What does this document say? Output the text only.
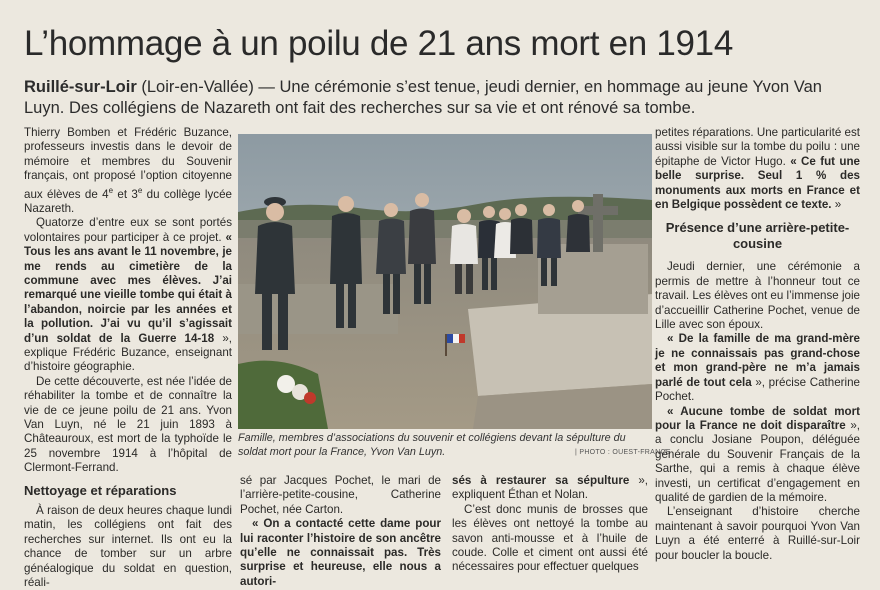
L’hommage à un poilu de 21 ans mort en 1914
Ruillé-sur-Loir (Loir-en-Vallée) — Une cérémonie s’est tenue, jeudi dernier, en hommage au jeune Yvon Van Luyn. Des collégiens de Nazareth ont fait des recherches sur sa vie et ont rénové sa tombe.

Thierry Bomben et Frédéric Buzance, professeurs investis dans le devoir de mémoire et membres du Souvenir français, ont proposé l’option citoyenne aux élèves de 4e et 3e du collège lycée Nazareth.

Quatorze d’entre eux se sont portés volontaires pour participer à ce projet. « Tous les ans avant le 11 novembre, je me rends au cimetière de la commune avec mes élèves. J’ai remarqué une vieille tombe qui était à l’abandon, noircie par les années et la pollution. J’ai vu qu’il s’agissait d’un soldat de la Guerre 14-18 », explique Frédéric Buzance, enseignant d’histoire géographie.

De cette découverte, est née l’idée de réhabiliter la tombe et de connaître la vie de ce jeune poilu de 21 ans. Yvon Van Luyn, né le 21 juin 1893 à Châteauroux, est mort de la typhoïde le 25 novembre 1914 à l’hôpital de Clermont-Ferrand.

Nettoyage et réparations

À raison de deux heures chaque lundi matin, les collégiens ont fait des recherches sur internet. Ils ont eu la chance de tomber sur un arbre généalogique du soldat en question, réali-

Famille, membres d’associations du souvenir et collégiens devant la sépulture du soldat mort pour la France, Yvon Van Luyn.	| PHOTO : OUEST-FRANCE

sé par Jacques Pochet, le mari de l’arrière-petite-cousine, Catherine Pochet, née Carton.

« On a contacté cette dame pour lui raconter l’histoire de son ancêtre qu’elle ne connaissait pas. Très surprise et heureuse, elle nous a autori-

sés à restaurer sa sépulture », expliquent Éthan et Nolan.

C’est donc munis de brosses que les élèves ont nettoyé la tombe au savon anti-mousse et à l’huile de coude. Colle et ciment ont aussi été nécessaires pour effectuer quelques

petites réparations. Une particularité est aussi visible sur la tombe du poilu : une épitaphe de Victor Hugo. « Ce fut une belle surprise. Seul 1 % des monuments aux morts en France et en Belgique possèdent ce texte. »

Présence d’une arrière-petite-cousine

Jeudi dernier, une cérémonie a permis de mettre à l’honneur tout ce travail. Les élèves ont eu l’immense joie d’accueillir Catherine Pochet, venue de Lille avec son époux.

« De la famille de ma grand-mère je ne connaissais pas grand-chose et mon grand-père ne m’a jamais parlé de tout cela », précise Catherine Pochet.

« Aucune tombe de soldat mort pour la France ne doit disparaître », a conclu Josiane Poupon, déléguée générale du Souvenir Français de la Sarthe, qui a remis à chaque élève investi, un certificat d’engagement en qualité de gardien de la mémoire.

L’enseignant d’histoire cherche maintenant à savoir pourquoi Yvon Van Luyn a été enterré à Ruillé-sur-Loir pour boucler la boucle.
